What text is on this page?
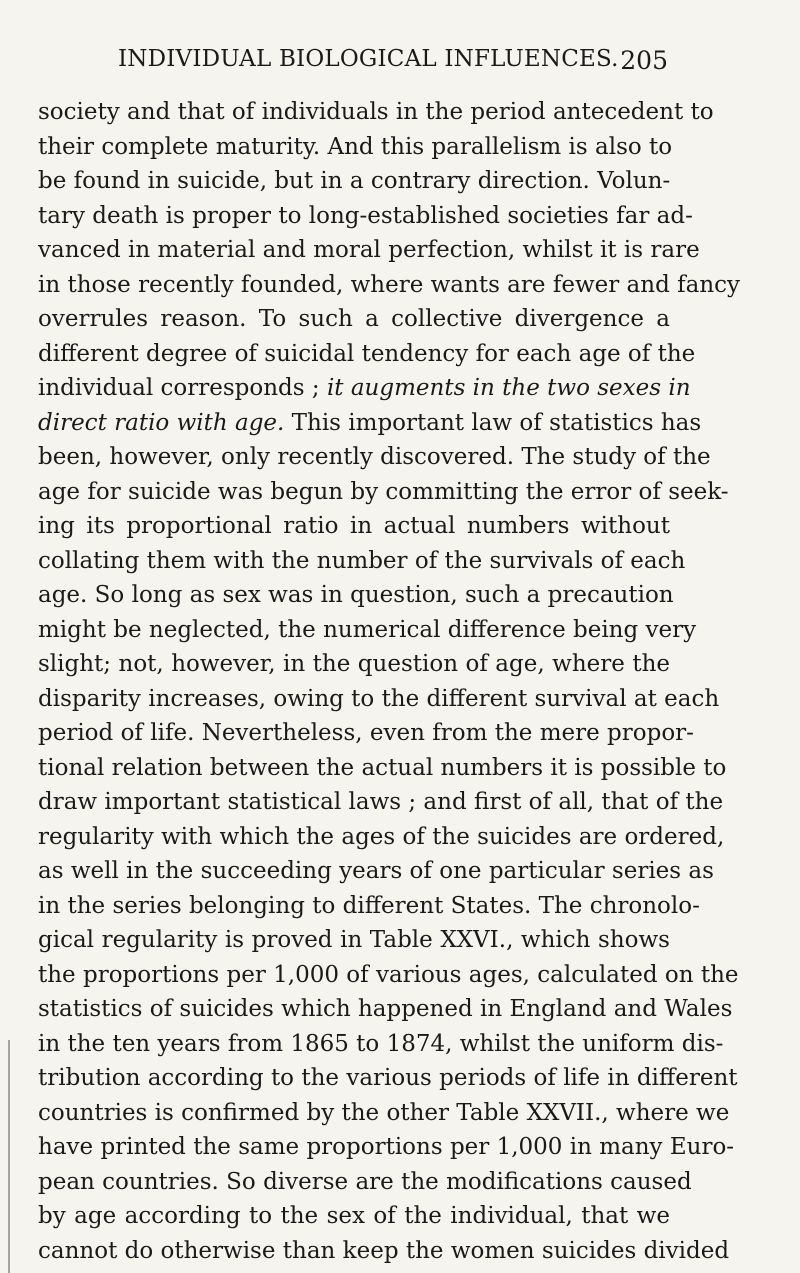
INDIVIDUAL BIOLOGICAL INFLUENCES. 205
society and that of individuals in the period antecedent to
their complete maturity. And this parallelism is also to
be found in suicide, but in a contrary direction. Volun-
tary death is proper to long-established societies far ad-
vanced in material and moral perfection, whilst it is rare
in those recently founded, where wants are fewer and fancy
overrules reason. To such a collective divergence a
different degree of suicidal tendency for each age of the
individual corresponds ; it augments in the two sexes in
direct ratio with age. This important law of statistics has
been, however, only recently discovered. The study of the
age for suicide was begun by committing the error of seek-
ing its proportional ratio in actual numbers without
collating them with the number of the survivals of each
age. So long as sex was in question, such a precaution
might be neglected, the numerical difference being very
slight; not, however, in the question of age, where the
disparity increases, owing to the different survival at each
period of life. Nevertheless, even from the mere propor-
tional relation between the actual numbers it is possible to
draw important statistical laws ; and first of all, that of the
regularity with which the ages of the suicides are ordered,
as well in the succeeding years of one particular series as
in the series belonging to different States. The chronolo-
gical regularity is proved in Table XXVI., which shows
the proportions per 1,000 of various ages, calculated on the
statistics of suicides which happened in England and Wales
in the ten years from 1865 to 1874, whilst the uniform dis-
tribution according to the various periods of life in different
countries is confirmed by the other Table XXVII., where we
have printed the same proportions per 1,000 in many Euro-
pean countries. So diverse are the modifications caused
by age according to the sex of the individual, that we
cannot do otherwise than keep the women suicides divided
